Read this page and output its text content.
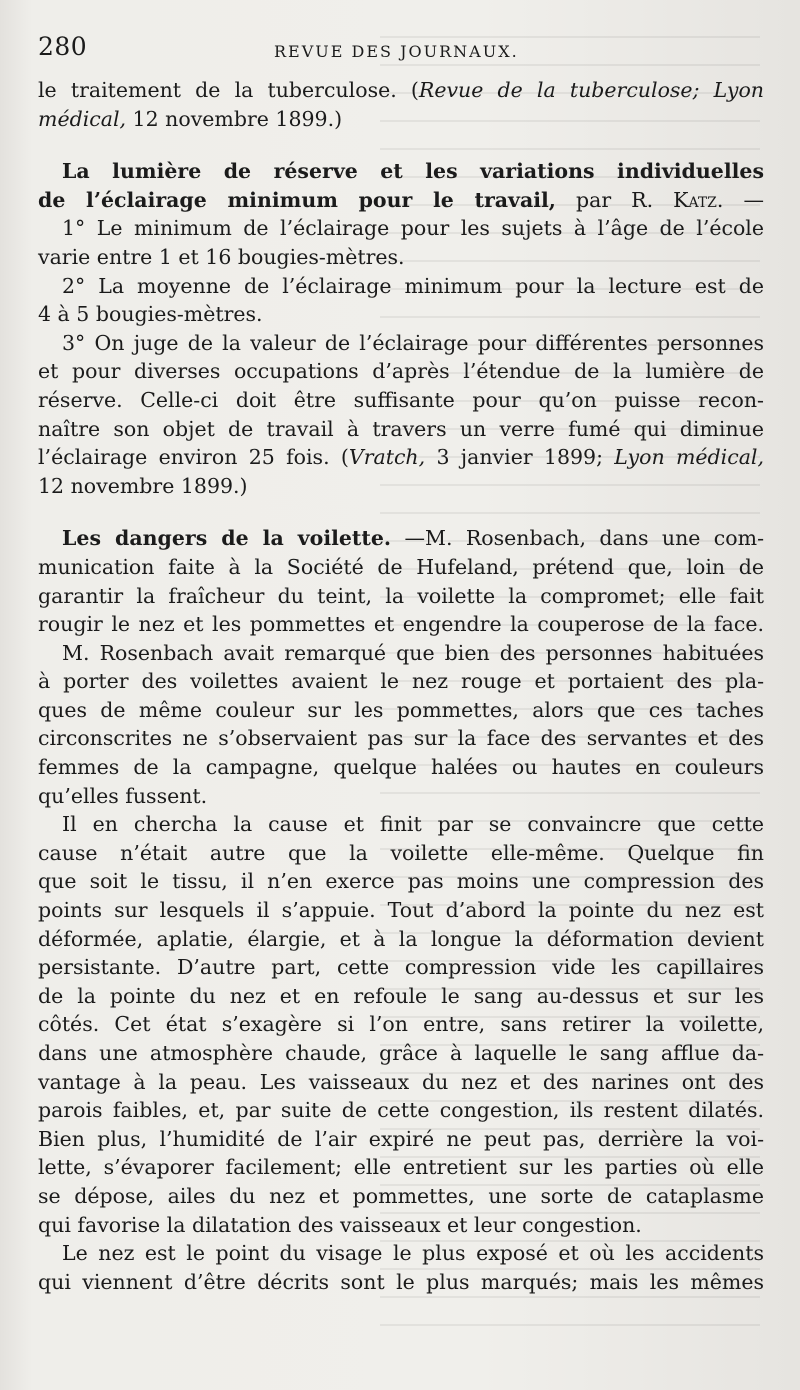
280	REVUE DES JOURNAUX.
le traitement de la tuberculose. (Revue de la tuberculose; Lyon
médical, 12 novembre 1899.)
La lumière de réserve et les variations individuelles
de l’éclairage minimum pour le travail, par R. Katz. —
1° Le minimum de l’éclairage pour les sujets à l’âge de l’école
varie entre 1 et 16 bougies-mètres.
2° La moyenne de l’éclairage minimum pour la lecture est de
4 à 5 bougies-mètres.
3° On juge de la valeur de l’éclairage pour différentes personnes
et pour diverses occupations d’après l’étendue de la lumière de
réserve. Celle-ci doit être suffisante pour qu’on puisse recon-
naître son objet de travail à travers un verre fumé qui diminue
l’éclairage environ 25 fois. (Vratch, 3 janvier 1899; Lyon médical,
12 novembre 1899.)
Les dangers de la voilette. —M. Rosenbach, dans une com-
munication faite à la Société de Hufeland, prétend que, loin de
garantir la fraîcheur du teint, la voilette la compromet; elle fait
rougir le nez et les pommettes et engendre la couperose de la face.
M. Rosenbach avait remarqué que bien des personnes habituées
à porter des voilettes avaient le nez rouge et portaient des pla-
ques de même couleur sur les pommettes, alors que ces taches
circonscrites ne s’observaient pas sur la face des servantes et des
femmes de la campagne, quelque halées ou hautes en couleurs
qu’elles fussent.
Il en chercha la cause et finit par se convaincre que cette
cause n’était autre que la voilette elle-même. Quelque fin
que soit le tissu, il n’en exerce pas moins une compression des
points sur lesquels il s’appuie. Tout d’abord la pointe du nez est
déformée, aplatie, élargie, et à la longue la déformation devient
persistante. D’autre part, cette compression vide les capillaires
de la pointe du nez et en refoule le sang au-dessus et sur les
côtés. Cet état s’exagère si l’on entre, sans retirer la voilette,
dans une atmosphère chaude, grâce à laquelle le sang afflue da-
vantage à la peau. Les vaisseaux du nez et des narines ont des
parois faibles, et, par suite de cette congestion, ils restent dilatés.
Bien plus, l’humidité de l’air expiré ne peut pas, derrière la voi-
lette, s’évaporer facilement; elle entretient sur les parties où elle
se dépose, ailes du nez et pommettes, une sorte de cataplasme
qui favorise la dilatation des vaisseaux et leur congestion.
Le nez est le point du visage le plus exposé et où les accidents
qui viennent d’être décrits sont le plus marqués; mais les mêmes
